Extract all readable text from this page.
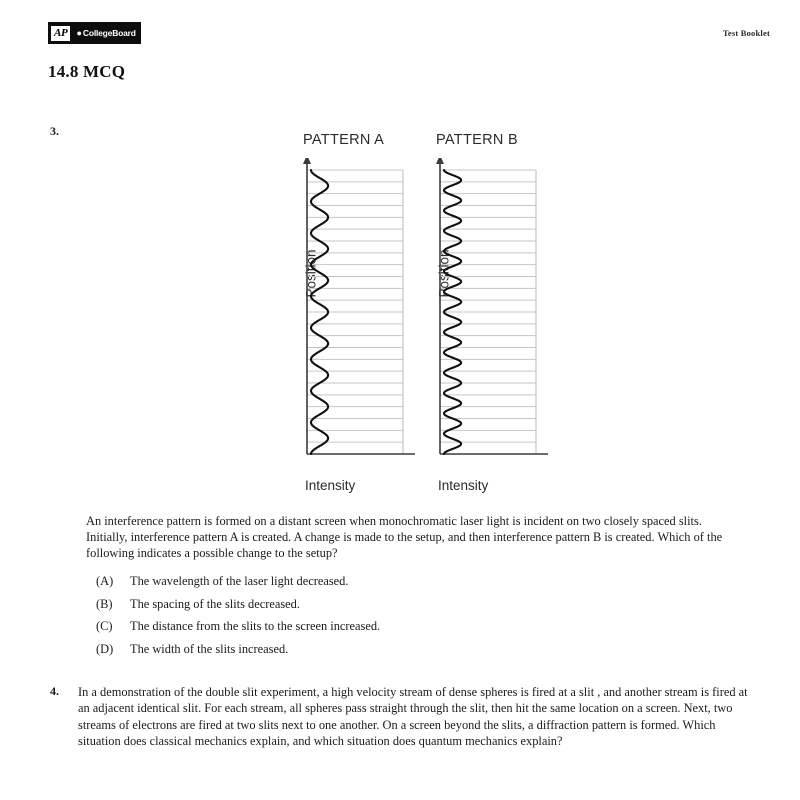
AP	● CollegeBoard	Test Booklet
14.8 MCQ
3.
PATTERN A
Position
Intensity
PATTERN B
Position
Intensity
An interference pattern is formed on a distant screen when monochromatic laser light is incident on two closely spaced slits. Initially, interference pattern A is created. A change is made to the setup, and then interference pattern B is created. Which of the following indicates a possible change to the setup?
(A)	The wavelength of the laser light decreased.
(B)	The spacing of the slits decreased.
(C)	The distance from the slits to the screen increased.
(D)	The width of the slits increased.
4.	In a demonstration of the double slit experiment, a high velocity stream of dense spheres is fired at a slit , and another stream is fired at an adjacent identical slit. For each stream, all spheres pass straight through the slit, then hit the same location on a screen. Next, two streams of electrons are fired at two slits next to one another. On a screen beyond the slits, a diffraction pattern is formed. Which situation does classical mechanics explain, and which situation does quantum mechanics explain?
